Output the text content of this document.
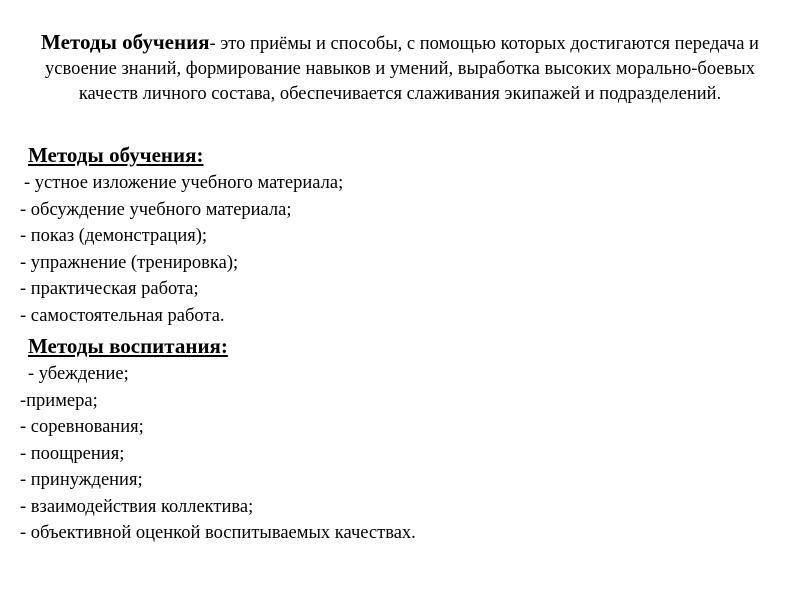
Методы обучения- это приёмы и способы, с помощью которых достигаются передача и усвоение знаний, формирование навыков и умений, выработка высоких морально-боевых качеств личного состава, обеспечивается слаживания экипажей и подразделений.

Методы обучения:
- устное изложение учебного материала;
- обсуждение учебного материала;
- показ (демонстрация);
- упражнение (тренировка);
- практическая работа;
- самостоятельная работа.
Методы воспитания:
- убеждение;
-примера;
- соревнования;
- поощрения;
- принуждения;
- взаимодействия коллектива;
- объективной оценкой воспитываемых качествах.
